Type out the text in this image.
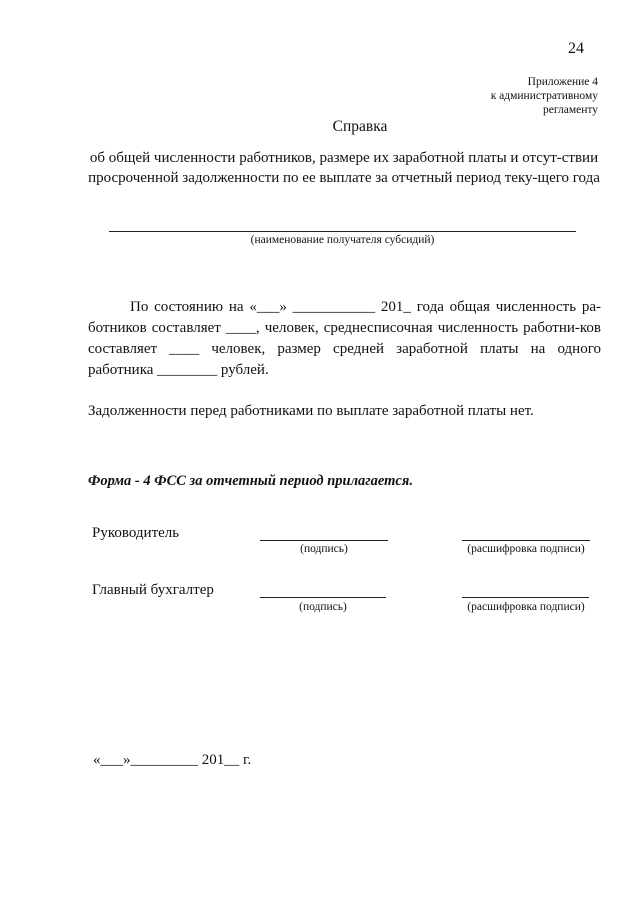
24
Приложение 4
к административному
регламенту
Справка
об общей численности работников, размере их заработной платы и отсут-ствии просроченной задолженности по ее выплате за отчетный период теку-щего года
(наименование получателя субсидий)
По состоянию на «___» ___________ 201_ года общая численность ра-ботников составляет ____, человек, среднесписочная численность работни-ков составляет ____ человек, размер средней заработной платы на одного работника ________ рублей.
Задолженности перед работниками по выплате заработной платы нет.
Форма - 4 ФСС за отчетный период прилагается.
Руководитель
(подпись)	(расшифровка подписи)
Главный бухгалтер
(подпись)	(расшифровка подписи)
«___»_________ 201__ г.
